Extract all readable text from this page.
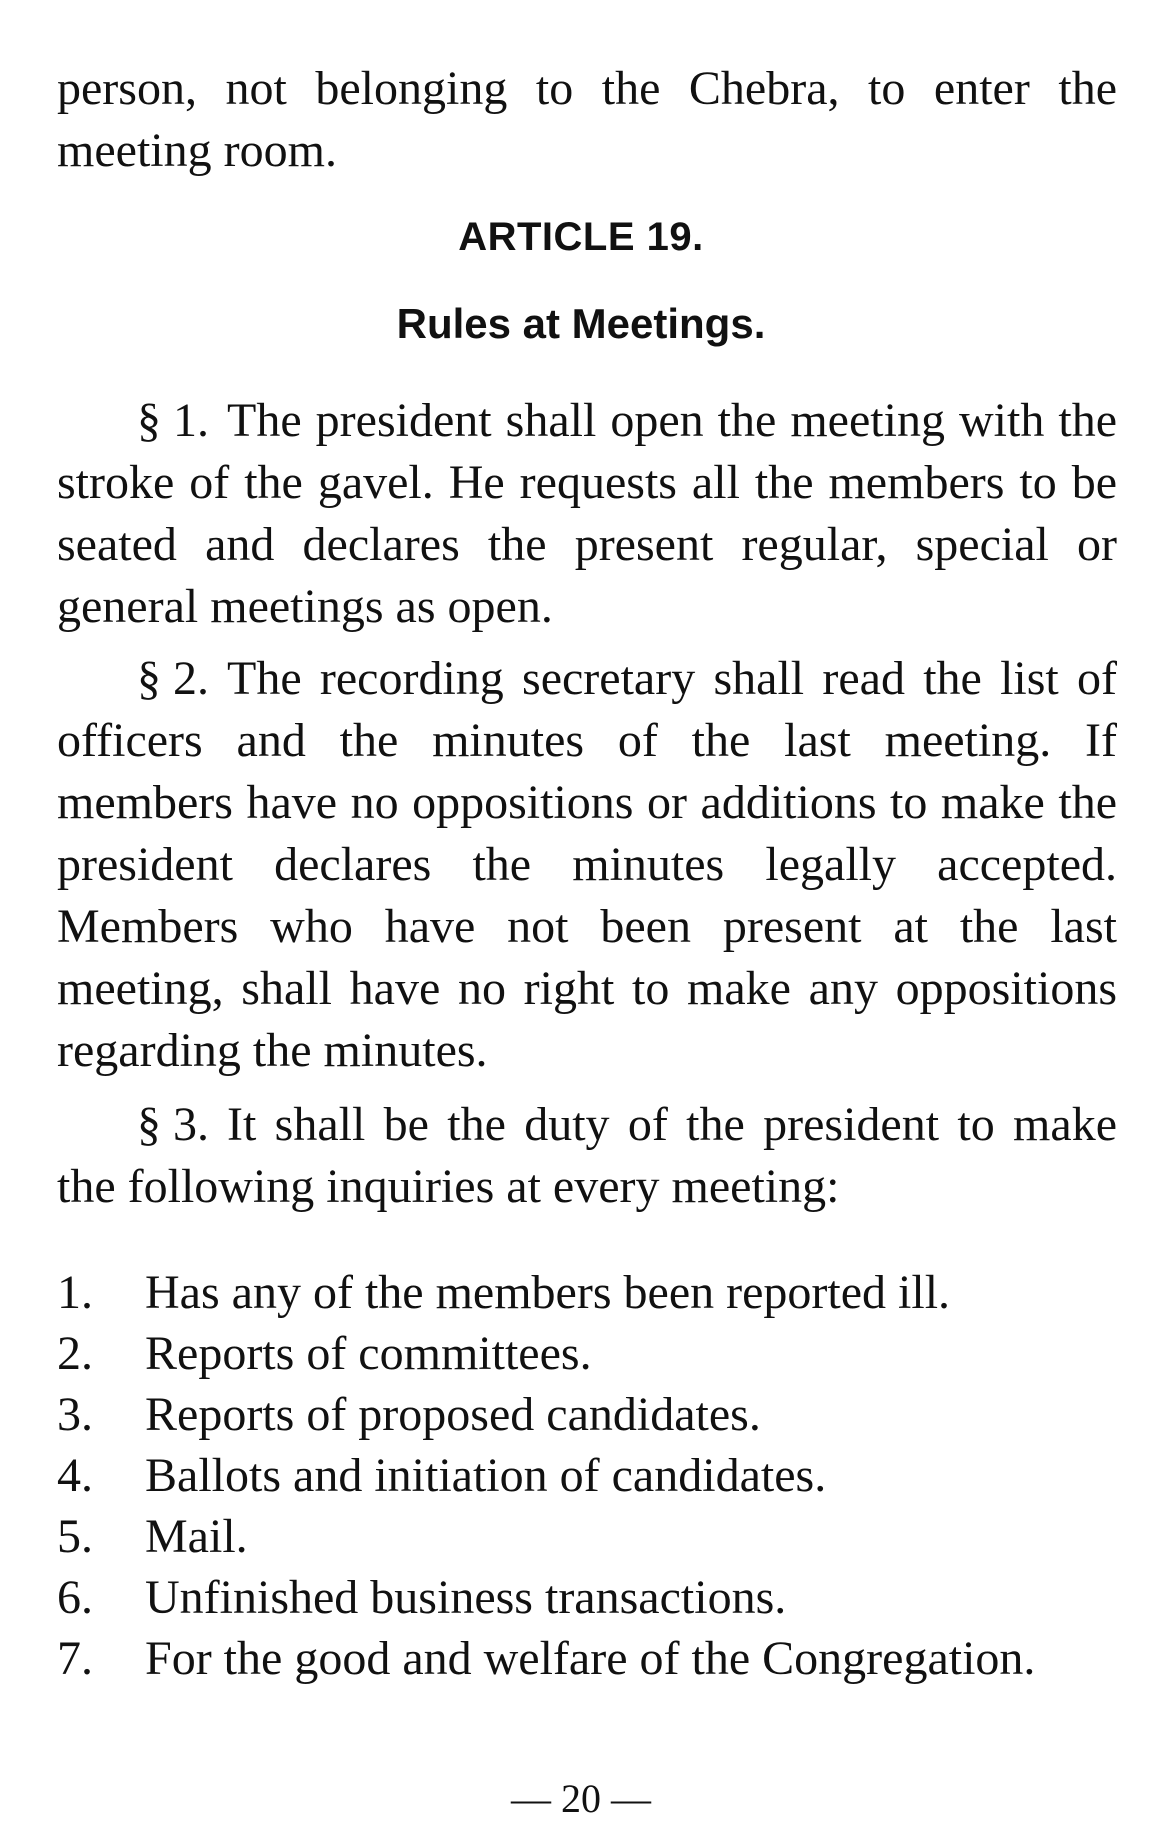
person, not belonging to the Chebra, to enter the meeting room.

ARTICLE 19.
Rules at Meetings.

§ 1. The president shall open the meeting with the stroke of the gavel. He requests all the members to be seated and declares the present regular, special or general meetings as open.

§ 2. The recording secretary shall read the list of officers and the minutes of the last meeting. If members have no oppositions or additions to make the president declares the minutes legally accepted. Members who have not been present at the last meeting, shall have no right to make any oppositions regarding the minutes.

§ 3. It shall be the duty of the president to make the following inquiries at every meeting:

1.	Has any of the members been reported ill.
2.	Reports of committees.
3.	Reports of proposed candidates.
4.	Ballots and initiation of candidates.
5.	Mail.
6.	Unfinished business transactions.
7.	For the good and welfare of the Congregation.
— 20 —
